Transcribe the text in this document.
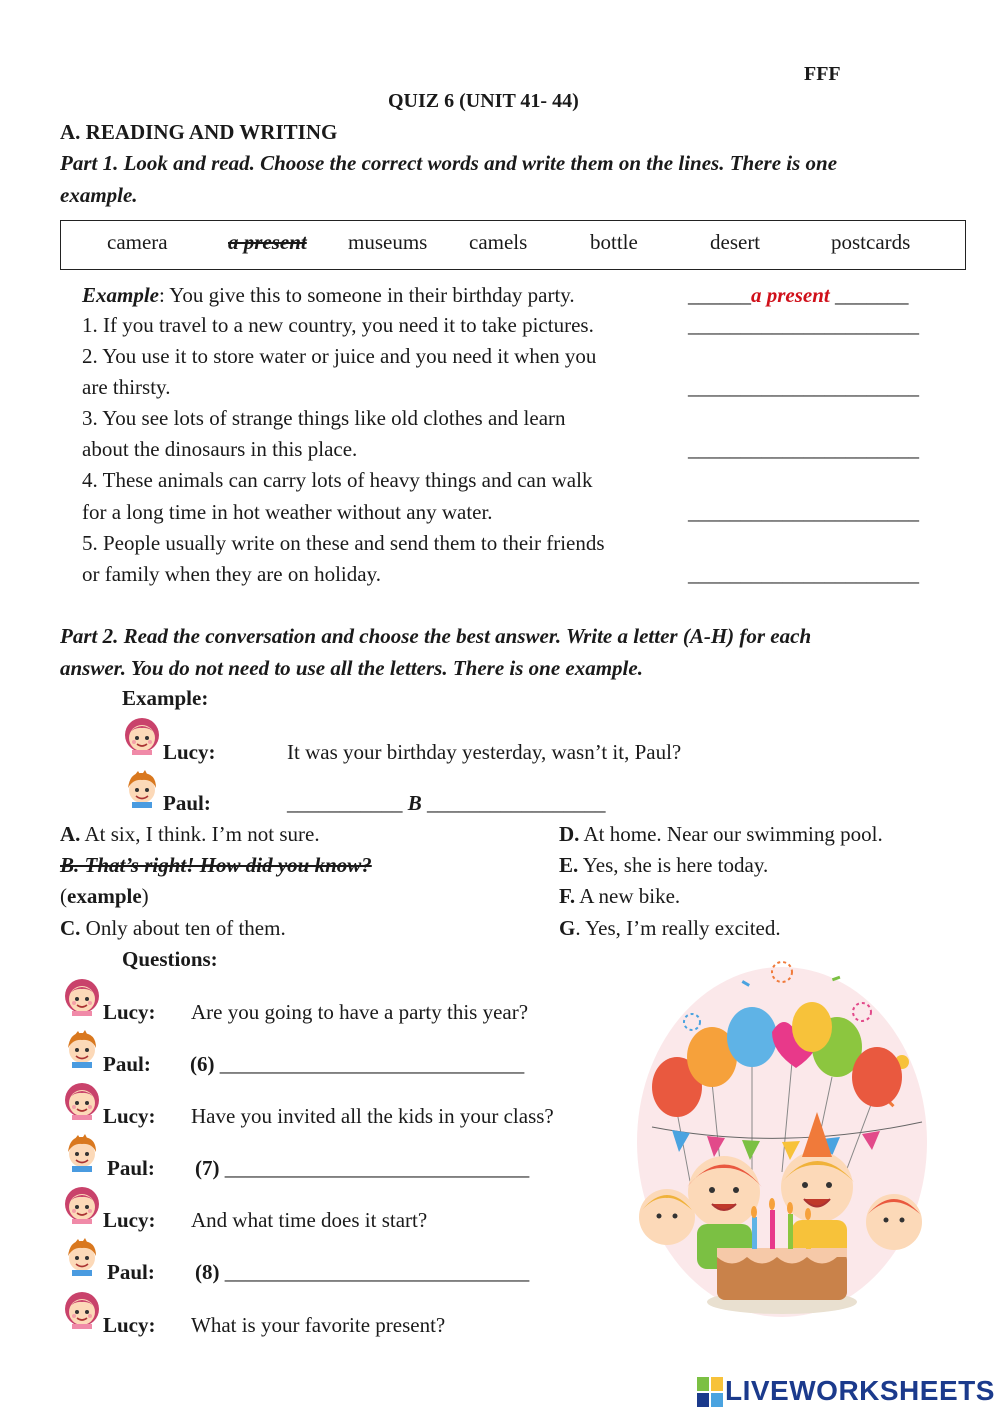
FFF
QUIZ 6 (UNIT 41- 44)
A. READING AND WRITING
Part 1. Look and read. Choose the correct words and write them on the lines. There is one
example.
camera	a present museums camels	bottle	desert	postcards
Example: You give this to someone in their birthday party.	______a present _______
1. If you travel to a new country, you need it to take pictures.	______________________
2. You use it to store water or juice and you need it when you
are thirsty.	______________________
3. You see lots of strange things like old clothes and learn
about the dinosaurs in this place.	______________________
4. These animals can carry lots of heavy things and can walk
for a long time in hot weather without any water.	______________________
5. People usually write on these and send them to their friends
or family when they are on holiday.	______________________
Part 2. Read the conversation and choose the best answer. Write a letter (A-H) for each
answer. You do not need to use all the letters. There is one example.
Example:
Lucy:	It was your birthday yesterday, wasn’t it, Paul?
Paul:	___________ B _________________
A. At six, I think. I’m not sure.
B. That’s right! How did you know?
(example)
C. Only about ten of them.
D. At home. Near our swimming pool.
E. Yes, she is here today.
F. A new bike.
G. Yes, I’m really excited.
Questions:
Lucy: Are you going to have a party this year?
Paul: (6) _____________________________
Lucy: Have you invited all the kids in your class?
Paul: (7) _____________________________
Lucy: And what time does it start?
Paul: (8) _____________________________
Lucy: What is your favorite present?
LIVEWORKSHEETS
